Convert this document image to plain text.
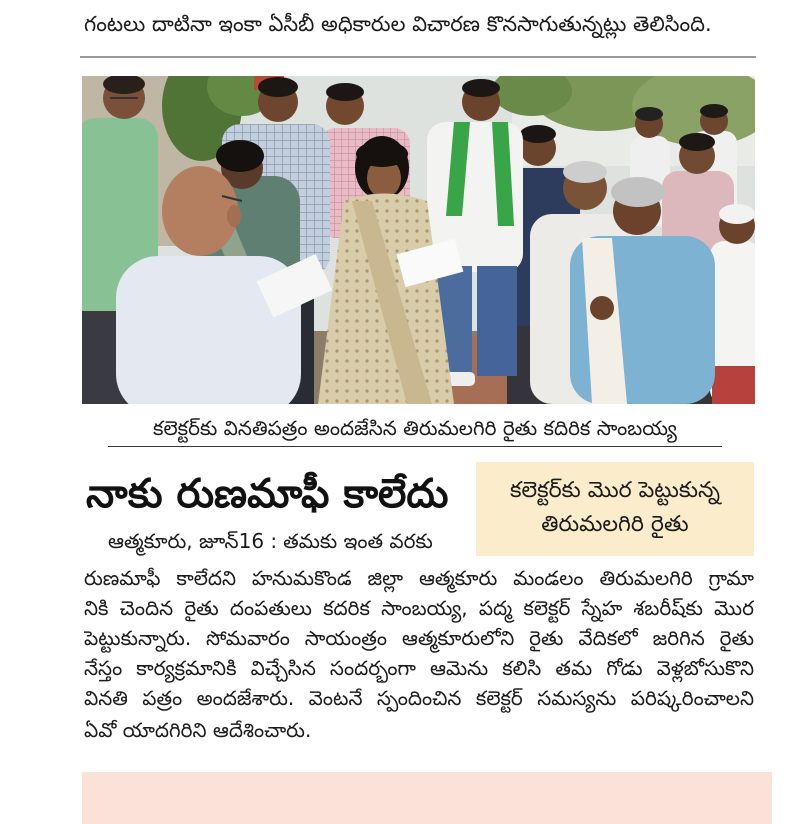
గంటలు దాటినా ఇంకా ఏసీబీ అధికారుల విచారణ కొనసాగుతున్నట్లు తెలిసింది.
కలెక్టర్‌కు వినతిపత్రం అందజేసిన తిరుమలగిరి రైతు కదిరిక సాంబయ్య
నాకు రుణమాఫీ కాలేదు	కలెక్టర్‌కు మొర పెట్టుకున్న
తిరుమలగిరి రైతు
ఆత్మకూరు, జూన్16 : తమకు ఇంత వరకు
రుణమాఫీ కాలేదని హనుమకొండ జిల్లా ఆత్మకూరు మండలం తిరుమలగిరి గ్రామా
నికి చెందిన రైతు దంపతులు కదరిక సాంబయ్య, పద్మ కలెక్టర్ స్నేహ శబరీష్‌కు మొర
పెట్టుకున్నారు. సోమవారం సాయంత్రం ఆత్మకూరులోని రైతు వేదికలో జరిగిన రైతు
నేస్తం కార్యక్రమానికి విచ్చేసిన సందర్భంగా ఆమెను కలిసి తమ గోడు వెళ్లబోసుకొని
వినతి పత్రం అందజేశారు. వెంటనే స్పందించిన కలెక్టర్ సమస్యను పరిష్కరించాలని
ఏవో యాదగిరిని ఆదేశించారు.
